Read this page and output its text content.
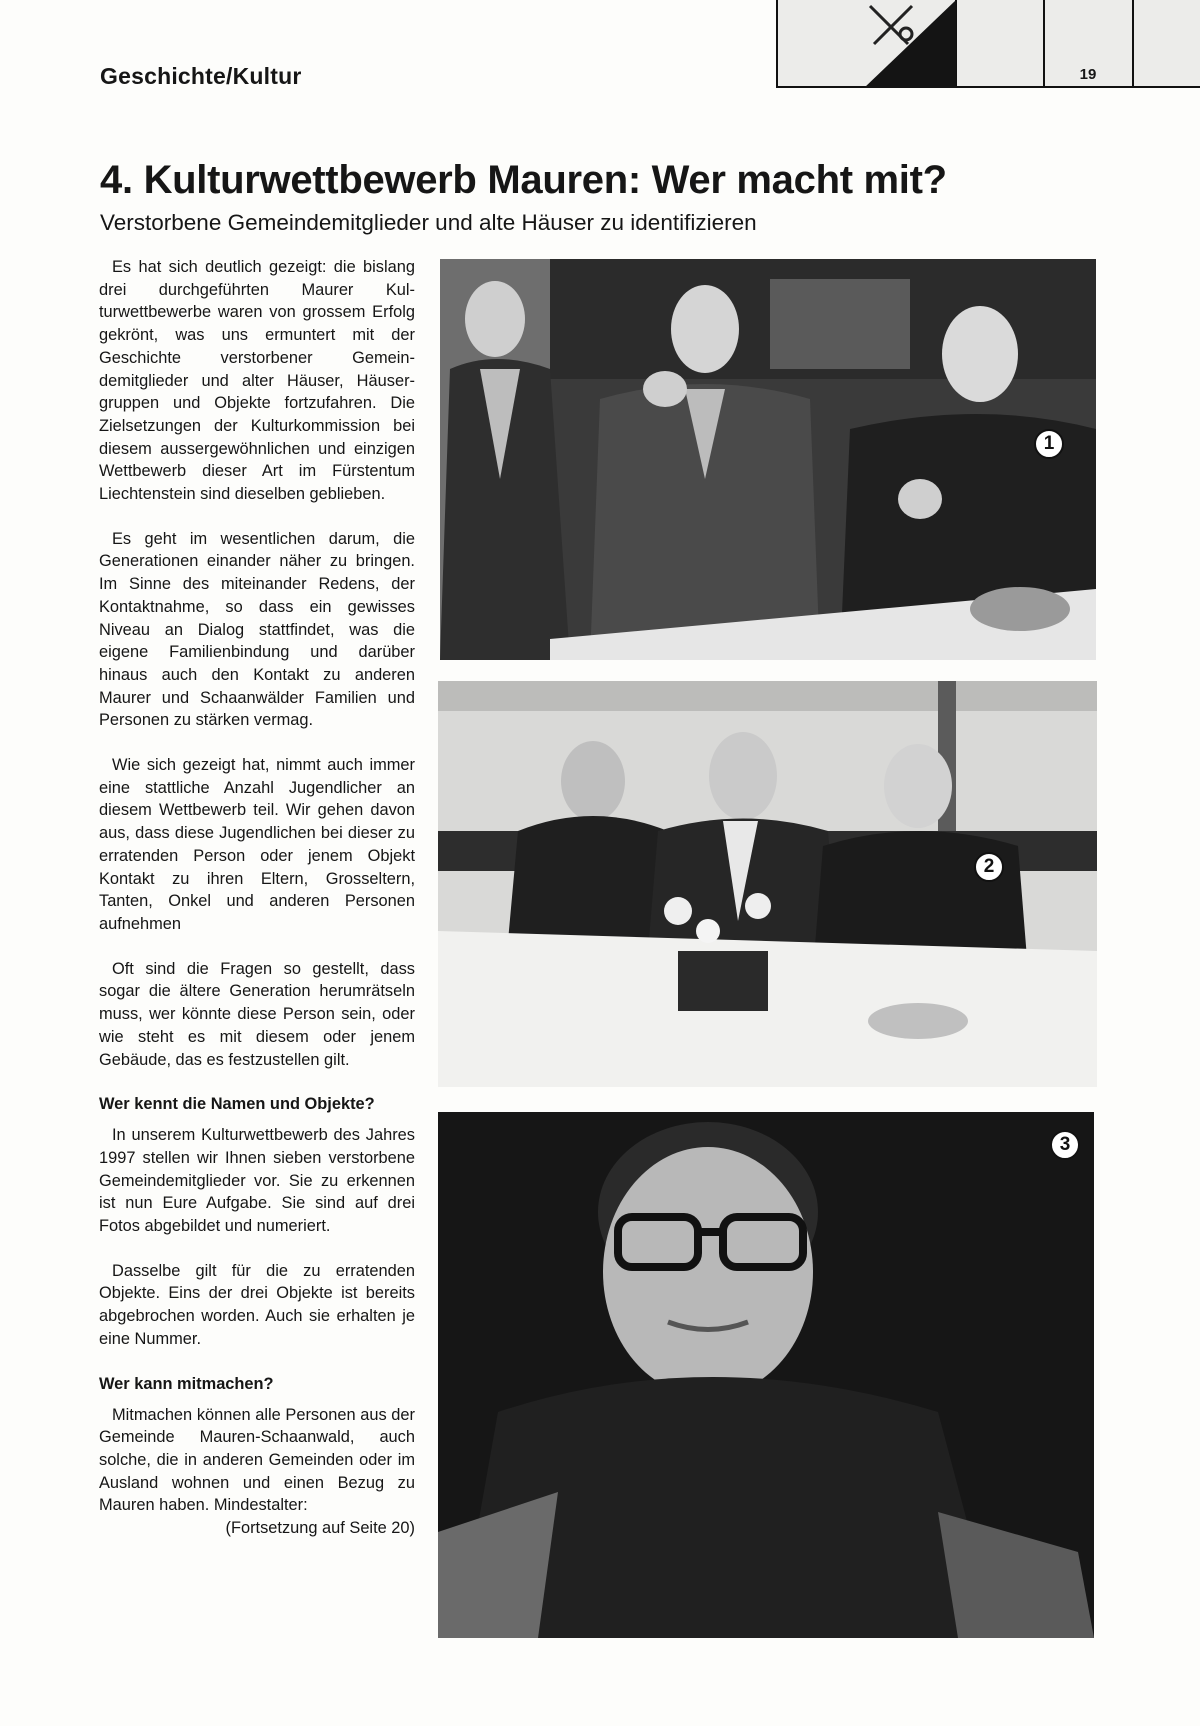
Geschichte/Kultur	19
4. Kulturwettbewerb Mauren: Wer macht mit?
Verstorbene Gemeindemitglieder und alte Häuser zu identifizieren

Es hat sich deutlich gezeigt: die bislang drei durchgeführten Maurer Kulturwettbewerbe waren von grossem Erfolg gekrönt, was uns ermuntert mit der Geschichte verstorbener Gemeindemitglieder und alter Häuser, Häusergruppen und Objekte fortzufahren. Die Zielsetzungen der Kulturkommission bei diesem aussergewöhnlichen und einzigen Wettbewerb dieser Art im Fürstentum Liechtenstein sind dieselben geblieben.

Es geht im wesentlichen darum, die Generationen einander näher zu bringen. Im Sinne des miteinander Redens, der Kontaktnahme, so dass ein gewisses Niveau an Dialog stattfindet, was die eigene Familienbindung und darüber hinaus auch den Kontakt zu anderen Maurer und Schaanwälder Familien und Personen zu stärken vermag.

Wie sich gezeigt hat, nimmt auch immer eine stattliche Anzahl Jugendlicher an diesem Wettbewerb teil. Wir gehen davon aus, dass diese Jugendlichen bei dieser zu erratenden Person oder jenem Objekt Kontakt zu ihren Eltern, Grosseltern, Tanten, Onkel und anderen Personen aufnehmen

Oft sind die Fragen so gestellt, dass sogar die ältere Generation herumrätseln muss, wer könnte diese Person sein, oder wie steht es mit diesem oder jenem Gebäude, das es festzustellen gilt.

Wer kennt die Namen und Objekte?

In unserem Kulturwettbewerb des Jahres 1997 stellen wir Ihnen sieben verstorbene Gemeindemitglieder vor. Sie zu erkennen ist nun Eure Aufgabe. Sie sind auf drei Fotos abgebildet und numeriert.

Dasselbe gilt für die zu erratenden Objekte. Eins der drei Objekte ist bereits abgebrochen worden. Auch sie erhalten je eine Nummer.

Wer kann mitmachen?

Mitmachen können alle Personen aus der Gemeinde Mauren-Schaanwald, auch solche, die in anderen Gemeinden oder im Ausland wohnen und einen Bezug zu Mauren haben. Mindestalter:
(Fortsetzung auf Seite 20)

1
2
3
